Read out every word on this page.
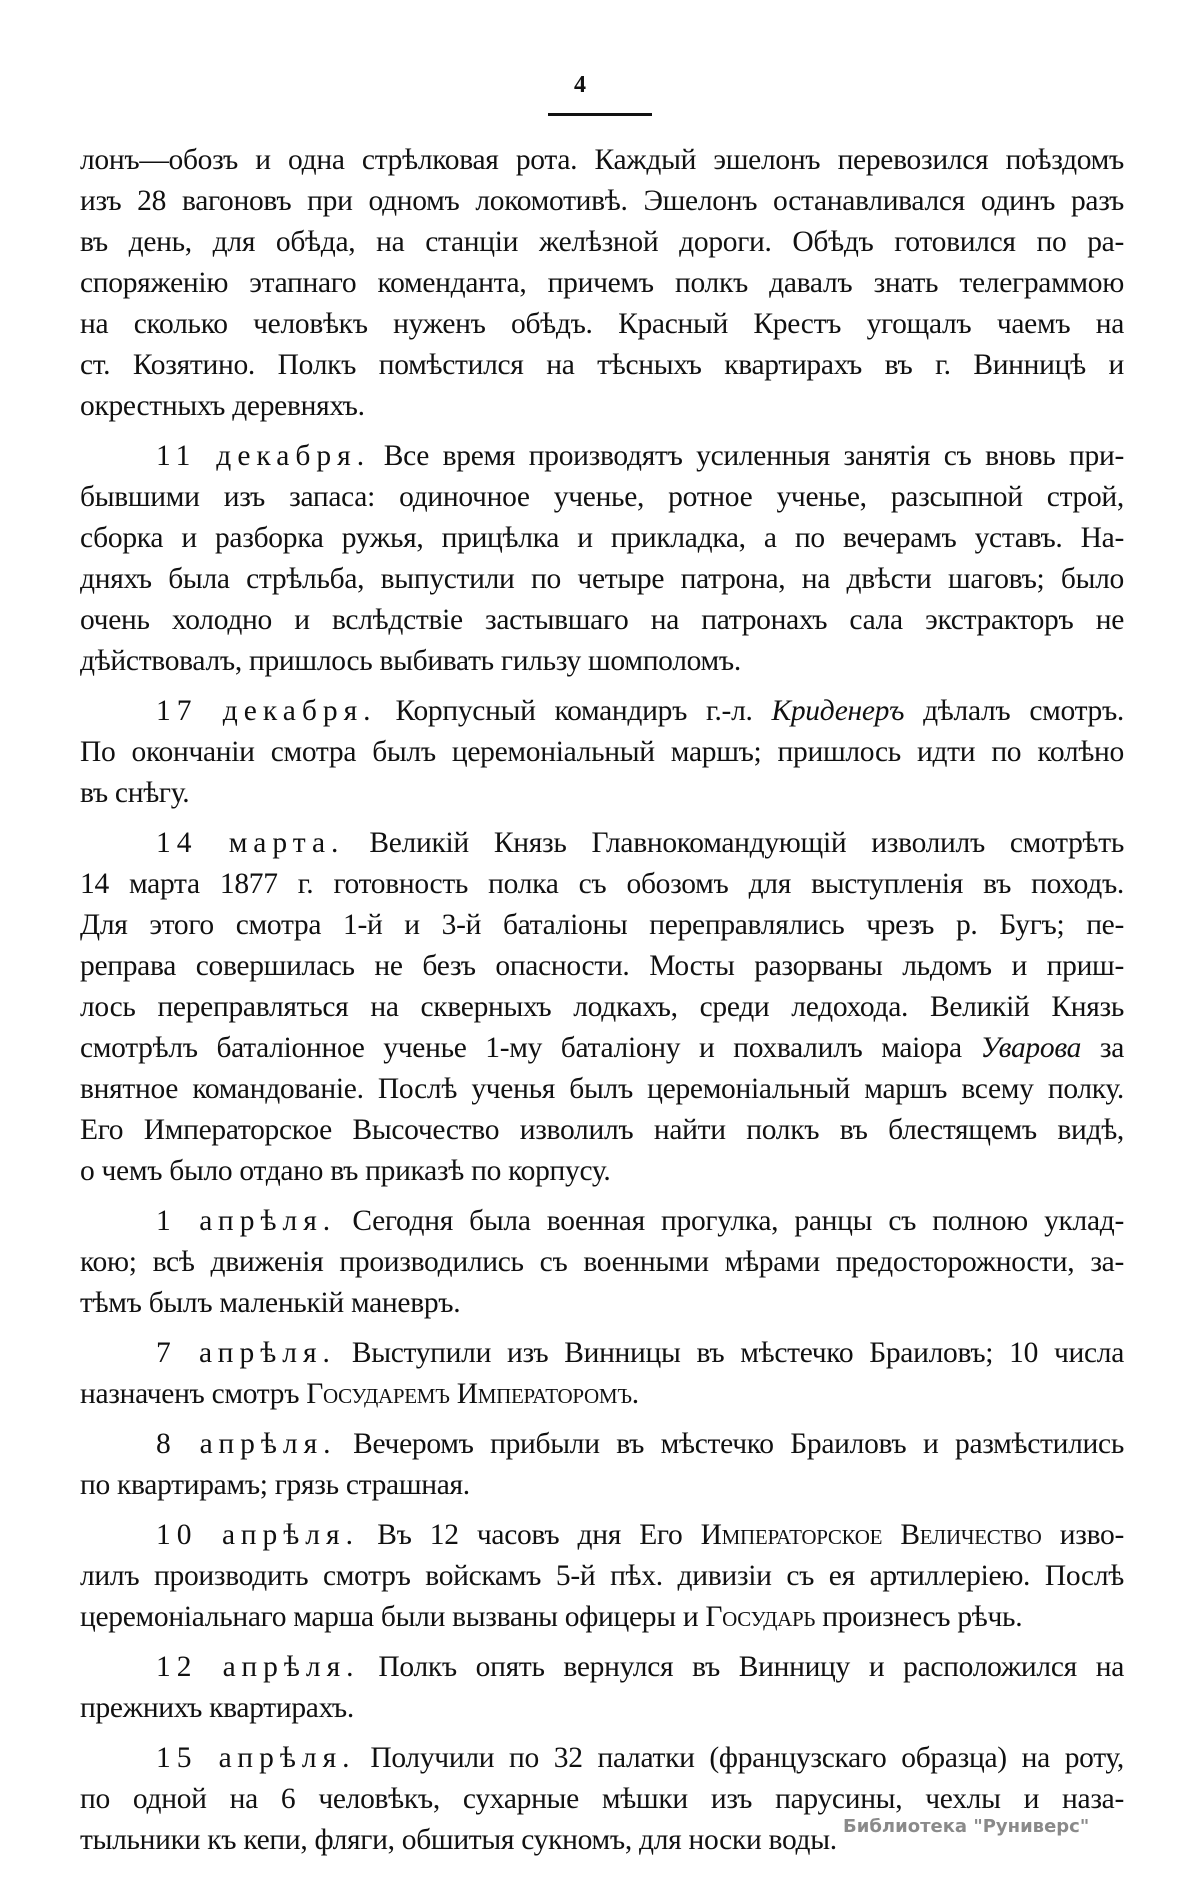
4
лонъ—обозъ и одна стрѣлковая рота. Каждый эшелонъ перевозился поѣздомъ
изъ 28 вагоновъ при одномъ локомотивѣ. Эшелонъ останавливался одинъ разъ
въ день, для обѣда, на станціи желѣзной дороги. Обѣдъ готовился по ра-
споряженію этапнаго коменданта, причемъ полкъ давалъ знать телеграммою
на сколько человѣкъ нуженъ обѣдъ. Красный Крестъ угощалъ чаемъ на
ст. Козятино. Полкъ помѣстился на тѣсныхъ квартирахъ въ г. Винницѣ и
окрестныхъ деревняхъ.
11 декабря. Все время производятъ усиленныя занятія съ вновь при-
бывшими изъ запаса: одиночное ученье, ротное ученье, разсыпной строй,
сборка и разборка ружья, прицѣлка и прикладка, а по вечерамъ уставъ. На-
дняхъ была стрѣльба, выпустили по четыре патрона, на двѣсти шаговъ; было
очень холодно и вслѣдствіе застывшаго на патронахъ сала экстракторъ не
дѣйствовалъ, пришлось выбивать гильзу шомполомъ.
17 декабря. Корпусный командиръ г.-л. Криденеръ дѣлалъ смотръ.
По окончаніи смотра былъ церемоніальный маршъ; пришлось идти по колѣно
въ снѣгу.
14 марта. Великій Князь Главнокомандующій изволилъ смотрѣть
14 марта 1877 г. готовность полка съ обозомъ для выступленія въ походъ.
Для этого смотра 1-й и 3-й баталіоны переправлялись чрезъ р. Бугъ; пе-
реправа совершилась не безъ опасности. Мосты разорваны льдомъ и приш-
лось переправляться на скверныхъ лодкахъ, среди ледохода. Великій Князь
смотрѣлъ баталіонное ученье 1-му баталіону и похвалилъ маіора Уварова за
внятное командованіе. Послѣ ученья былъ церемоніальный маршъ всему полку.
Его Императорское Высочество изволилъ найти полкъ въ блестящемъ видѣ,
о чемъ было отдано въ приказѣ по корпусу.
1 апрѣля. Сегодня была военная прогулка, ранцы съ полною уклад-
кою; всѣ движенія производились съ военными мѣрами предосторожности, за-
тѣмъ былъ маленькій маневръ.
7 апрѣля. Выступили изъ Винницы въ мѣстечко Браиловъ; 10 числа
назначенъ смотръ Государемъ Императоромъ.
8 апрѣля. Вечеромъ прибыли въ мѣстечко Браиловъ и размѣстились
по квартирамъ; грязь страшная.
10 апрѣля. Въ 12 часовъ дня Его Императорское Величество изво-
лилъ производить смотръ войскамъ 5-й пѣх. дивизіи съ ея артиллеріею. Послѣ
церемоніальнаго марша были вызваны офицеры и Государь произнесъ рѣчь.
12 апрѣля. Полкъ опять вернулся въ Винницу и расположился на
прежнихъ квартирахъ.
15 апрѣля. Получили по 32 палатки (французскаго образца) на роту,
по одной на 6 человѣкъ, сухарные мѣшки изъ парусины, чехлы и наза-
тыльники къ кепи, фляги, обшитыя сукномъ, для носки воды. Библиотека "Руниверс"
